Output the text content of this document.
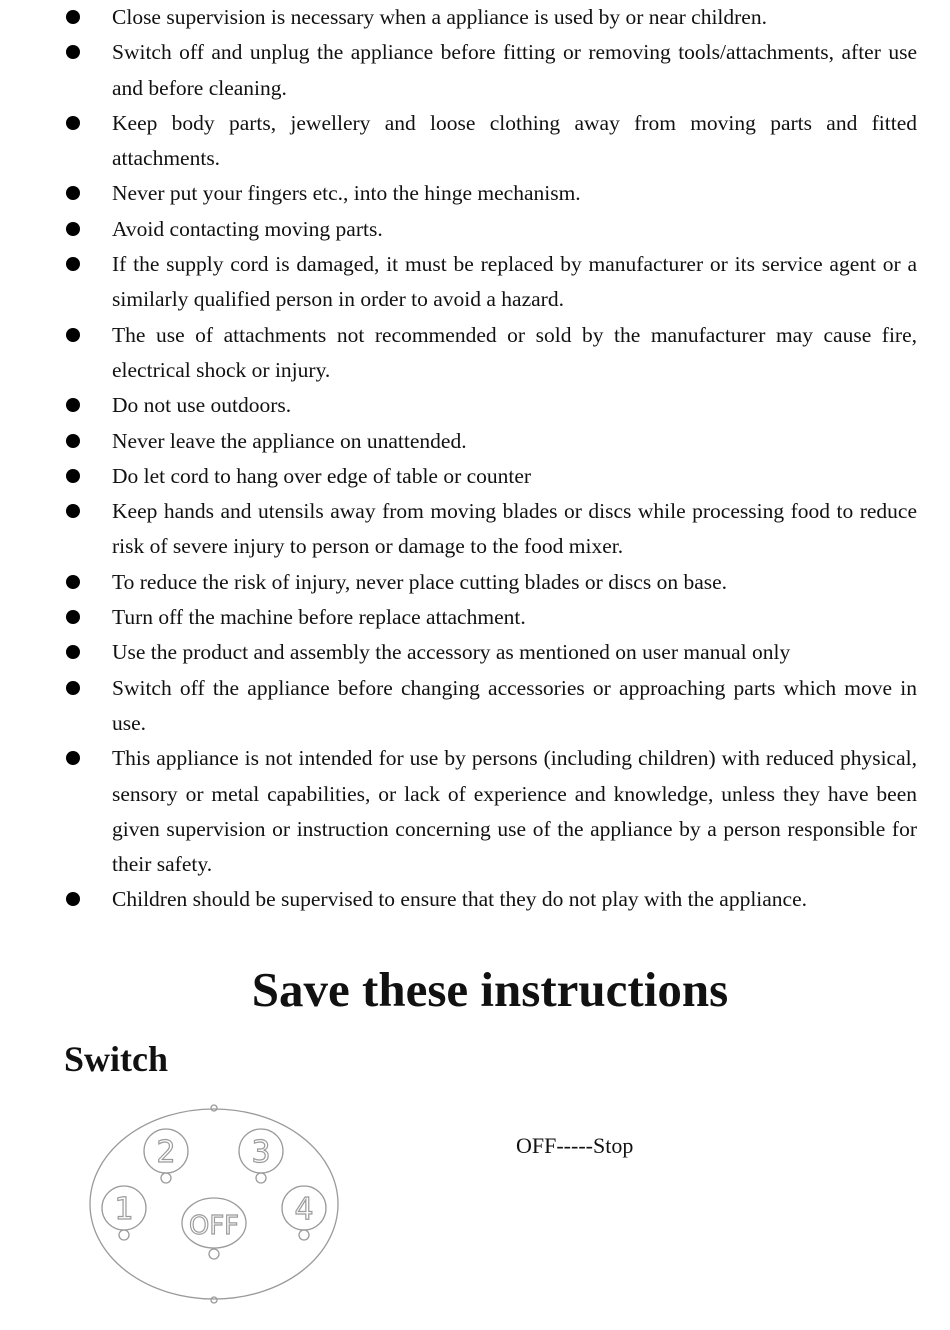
Close supervision is necessary when a appliance is used by or near children.
Switch off and unplug the appliance before fitting or removing tools/attachments, after use and before cleaning.
Keep body parts, jewellery and loose clothing away from moving parts and fitted attachments.
Never put your fingers etc., into the hinge mechanism.
Avoid contacting moving parts.
If the supply cord is damaged, it must be replaced by manufacturer or its service agent or a similarly qualified person in order to avoid a hazard.
The use of attachments not recommended or sold by the manufacturer may cause fire, electrical shock or injury.
Do not use outdoors.
Never leave the appliance on unattended.
Do let cord to hang over edge of table or counter
Keep hands and utensils away from moving blades or discs while processing food to reduce risk of severe injury to person or damage to the food mixer.
To reduce the risk of injury, never place cutting blades or discs on base.
Turn off the machine before replace attachment.
Use the product and assembly the accessory as mentioned on user manual only
Switch off the appliance before changing accessories or approaching parts which move in use.
This appliance is not intended for use by persons (including children) with reduced physical, sensory or metal capabilities, or lack of experience and knowledge, unless they have been given supervision or instruction concerning use of the appliance by a person responsible for their safety.
Children should be supervised to ensure that they do not play with the appliance.
Save these instructions
Switch
2	3
1	4
OFF
OFF-----Stop
